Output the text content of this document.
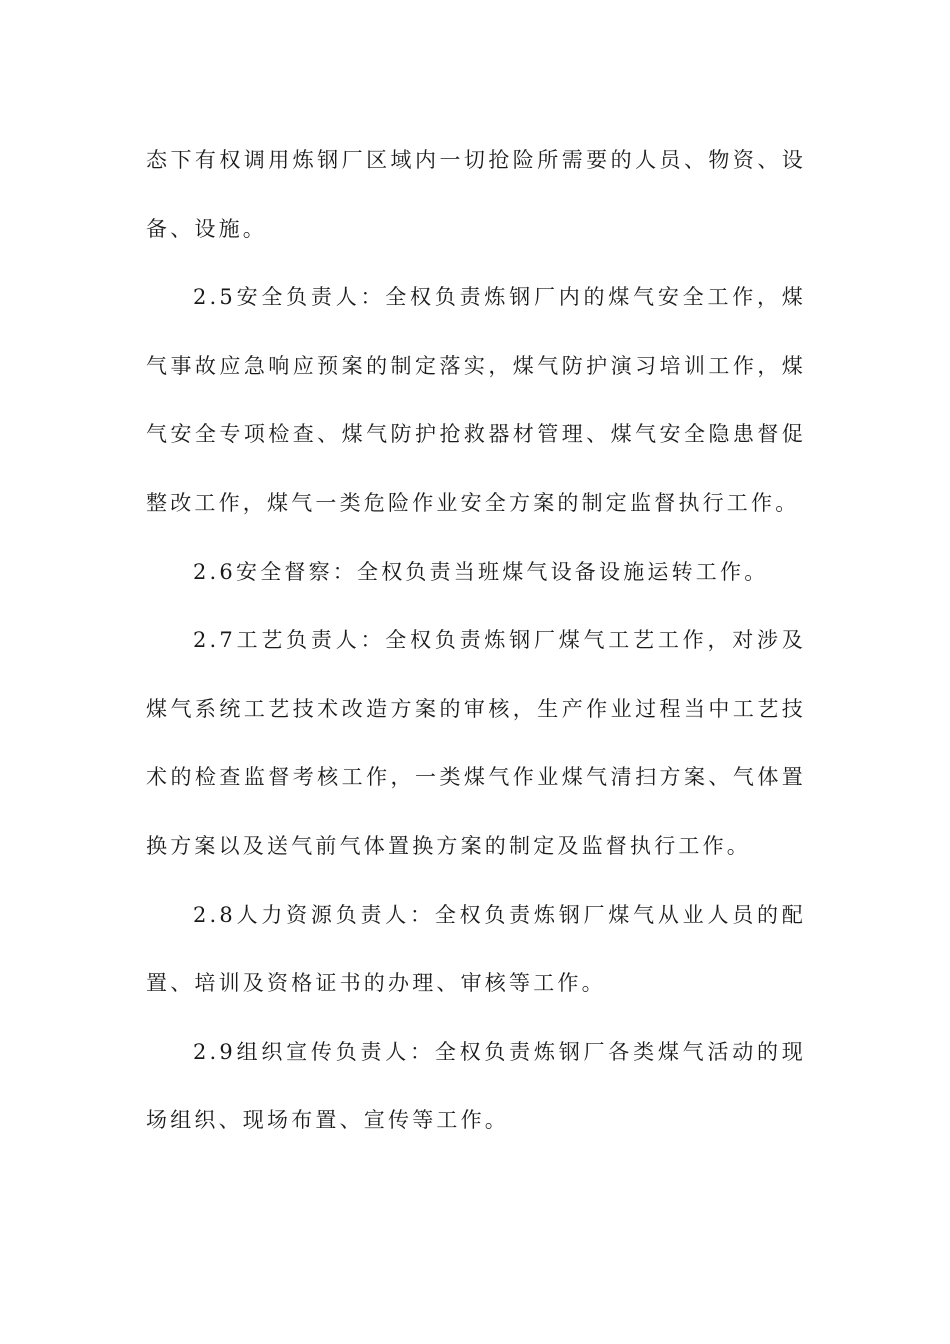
态下有权调用炼钢厂区域内一切抢险所需要的人员、物资、设备、设施。

2.5安全负责人：全权负责炼钢厂内的煤气安全工作，煤气事故应急响应预案的制定落实，煤气防护演习培训工作，煤气安全专项检查、煤气防护抢救器材管理、煤气安全隐患督促整改工作，煤气一类危险作业安全方案的制定监督执行工作。

2.6安全督察：全权负责当班煤气设备设施运转工作。

2.7工艺负责人：全权负责炼钢厂煤气工艺工作，对涉及煤气系统工艺技术改造方案的审核，生产作业过程当中工艺技术的检查监督考核工作，一类煤气作业煤气清扫方案、气体置换方案以及送气前气体置换方案的制定及监督执行工作。

2.8人力资源负责人：全权负责炼钢厂煤气从业人员的配置、培训及资格证书的办理、审核等工作。

2.9组织宣传负责人：全权负责炼钢厂各类煤气活动的现场组织、现场布置、宣传等工作。
